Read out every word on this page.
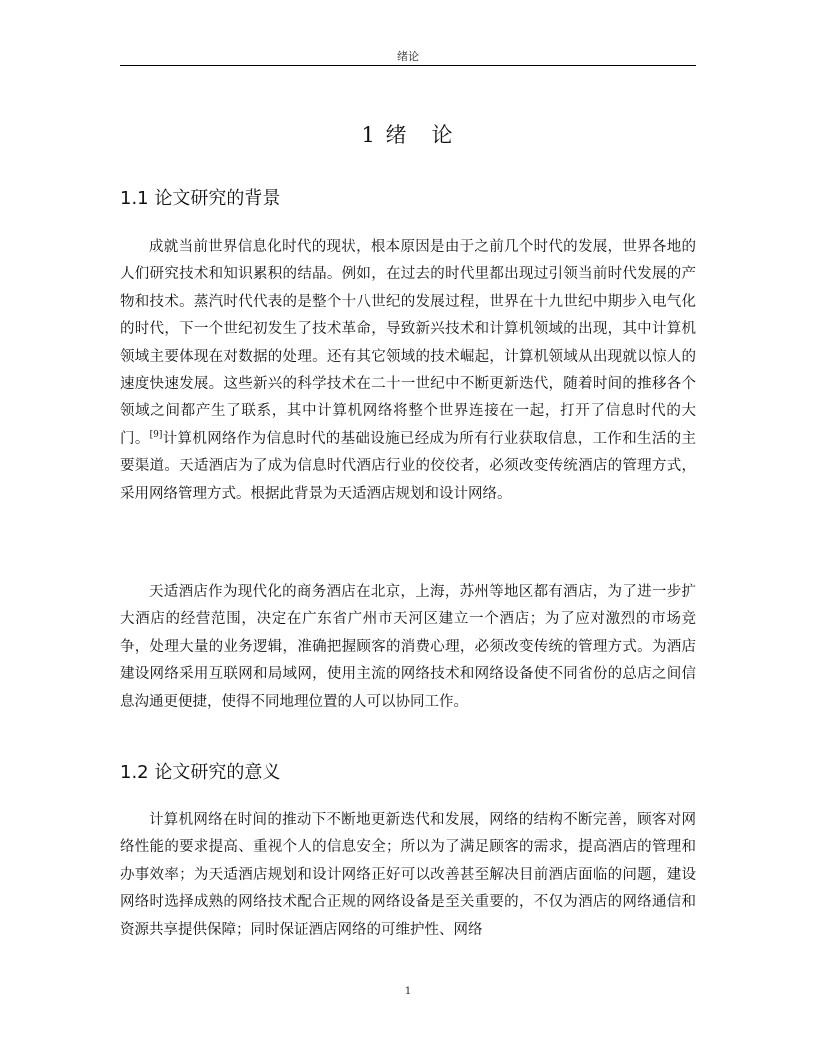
绪论
1 绪　论
1.1 论文研究的背景

成就当前世界信息化时代的现状，根本原因是由于之前几个时代的发展，世界各地的人们研究技术和知识累积的结晶。例如，在过去的时代里都出现过引领当前时代发展的产物和技术。蒸汽时代代表的是整个十八世纪的发展过程，世界在十九世纪中期步入电气化的时代，下一个世纪初发生了技术革命，导致新兴技术和计算机领域的出现，其中计算机领域主要体现在对数据的处理。还有其它领域的技术崛起，计算机领域从出现就以惊人的速度快速发展。这些新兴的科学技术在二十一世纪中不断更新迭代，随着时间的推移各个领域之间都产生了联系，其中计算机网络将整个世界连接在一起，打开了信息时代的大门。[9]计算机网络作为信息时代的基础设施已经成为所有行业获取信息，工作和生活的主要渠道。天适酒店为了成为信息时代酒店行业的佼佼者，必须改变传统酒店的管理方式，采用网络管理方式。根据此背景为天适酒店规划和设计网络。

天适酒店作为现代化的商务酒店在北京，上海，苏州等地区都有酒店，为了进一步扩大酒店的经营范围，决定在广东省广州市天河区建立一个酒店；为了应对激烈的市场竞争，处理大量的业务逻辑，准确把握顾客的消费心理，必须改变传统的管理方式。为酒店建设网络采用互联网和局域网，使用主流的网络技术和网络设备使不同省份的总店之间信息沟通更便捷，使得不同地理位置的人可以协同工作。

1.2 论文研究的意义

计算机网络在时间的推动下不断地更新迭代和发展，网络的结构不断完善，顾客对网络性能的要求提高、重视个人的信息安全；所以为了满足顾客的需求，提高酒店的管理和办事效率；为天适酒店规划和设计网络正好可以改善甚至解决目前酒店面临的问题，建设网络时选择成熟的网络技术配合正规的网络设备是至关重要的，不仅为酒店的网络通信和资源共享提供保障；同时保证酒店网络的可维护性、网络

1
